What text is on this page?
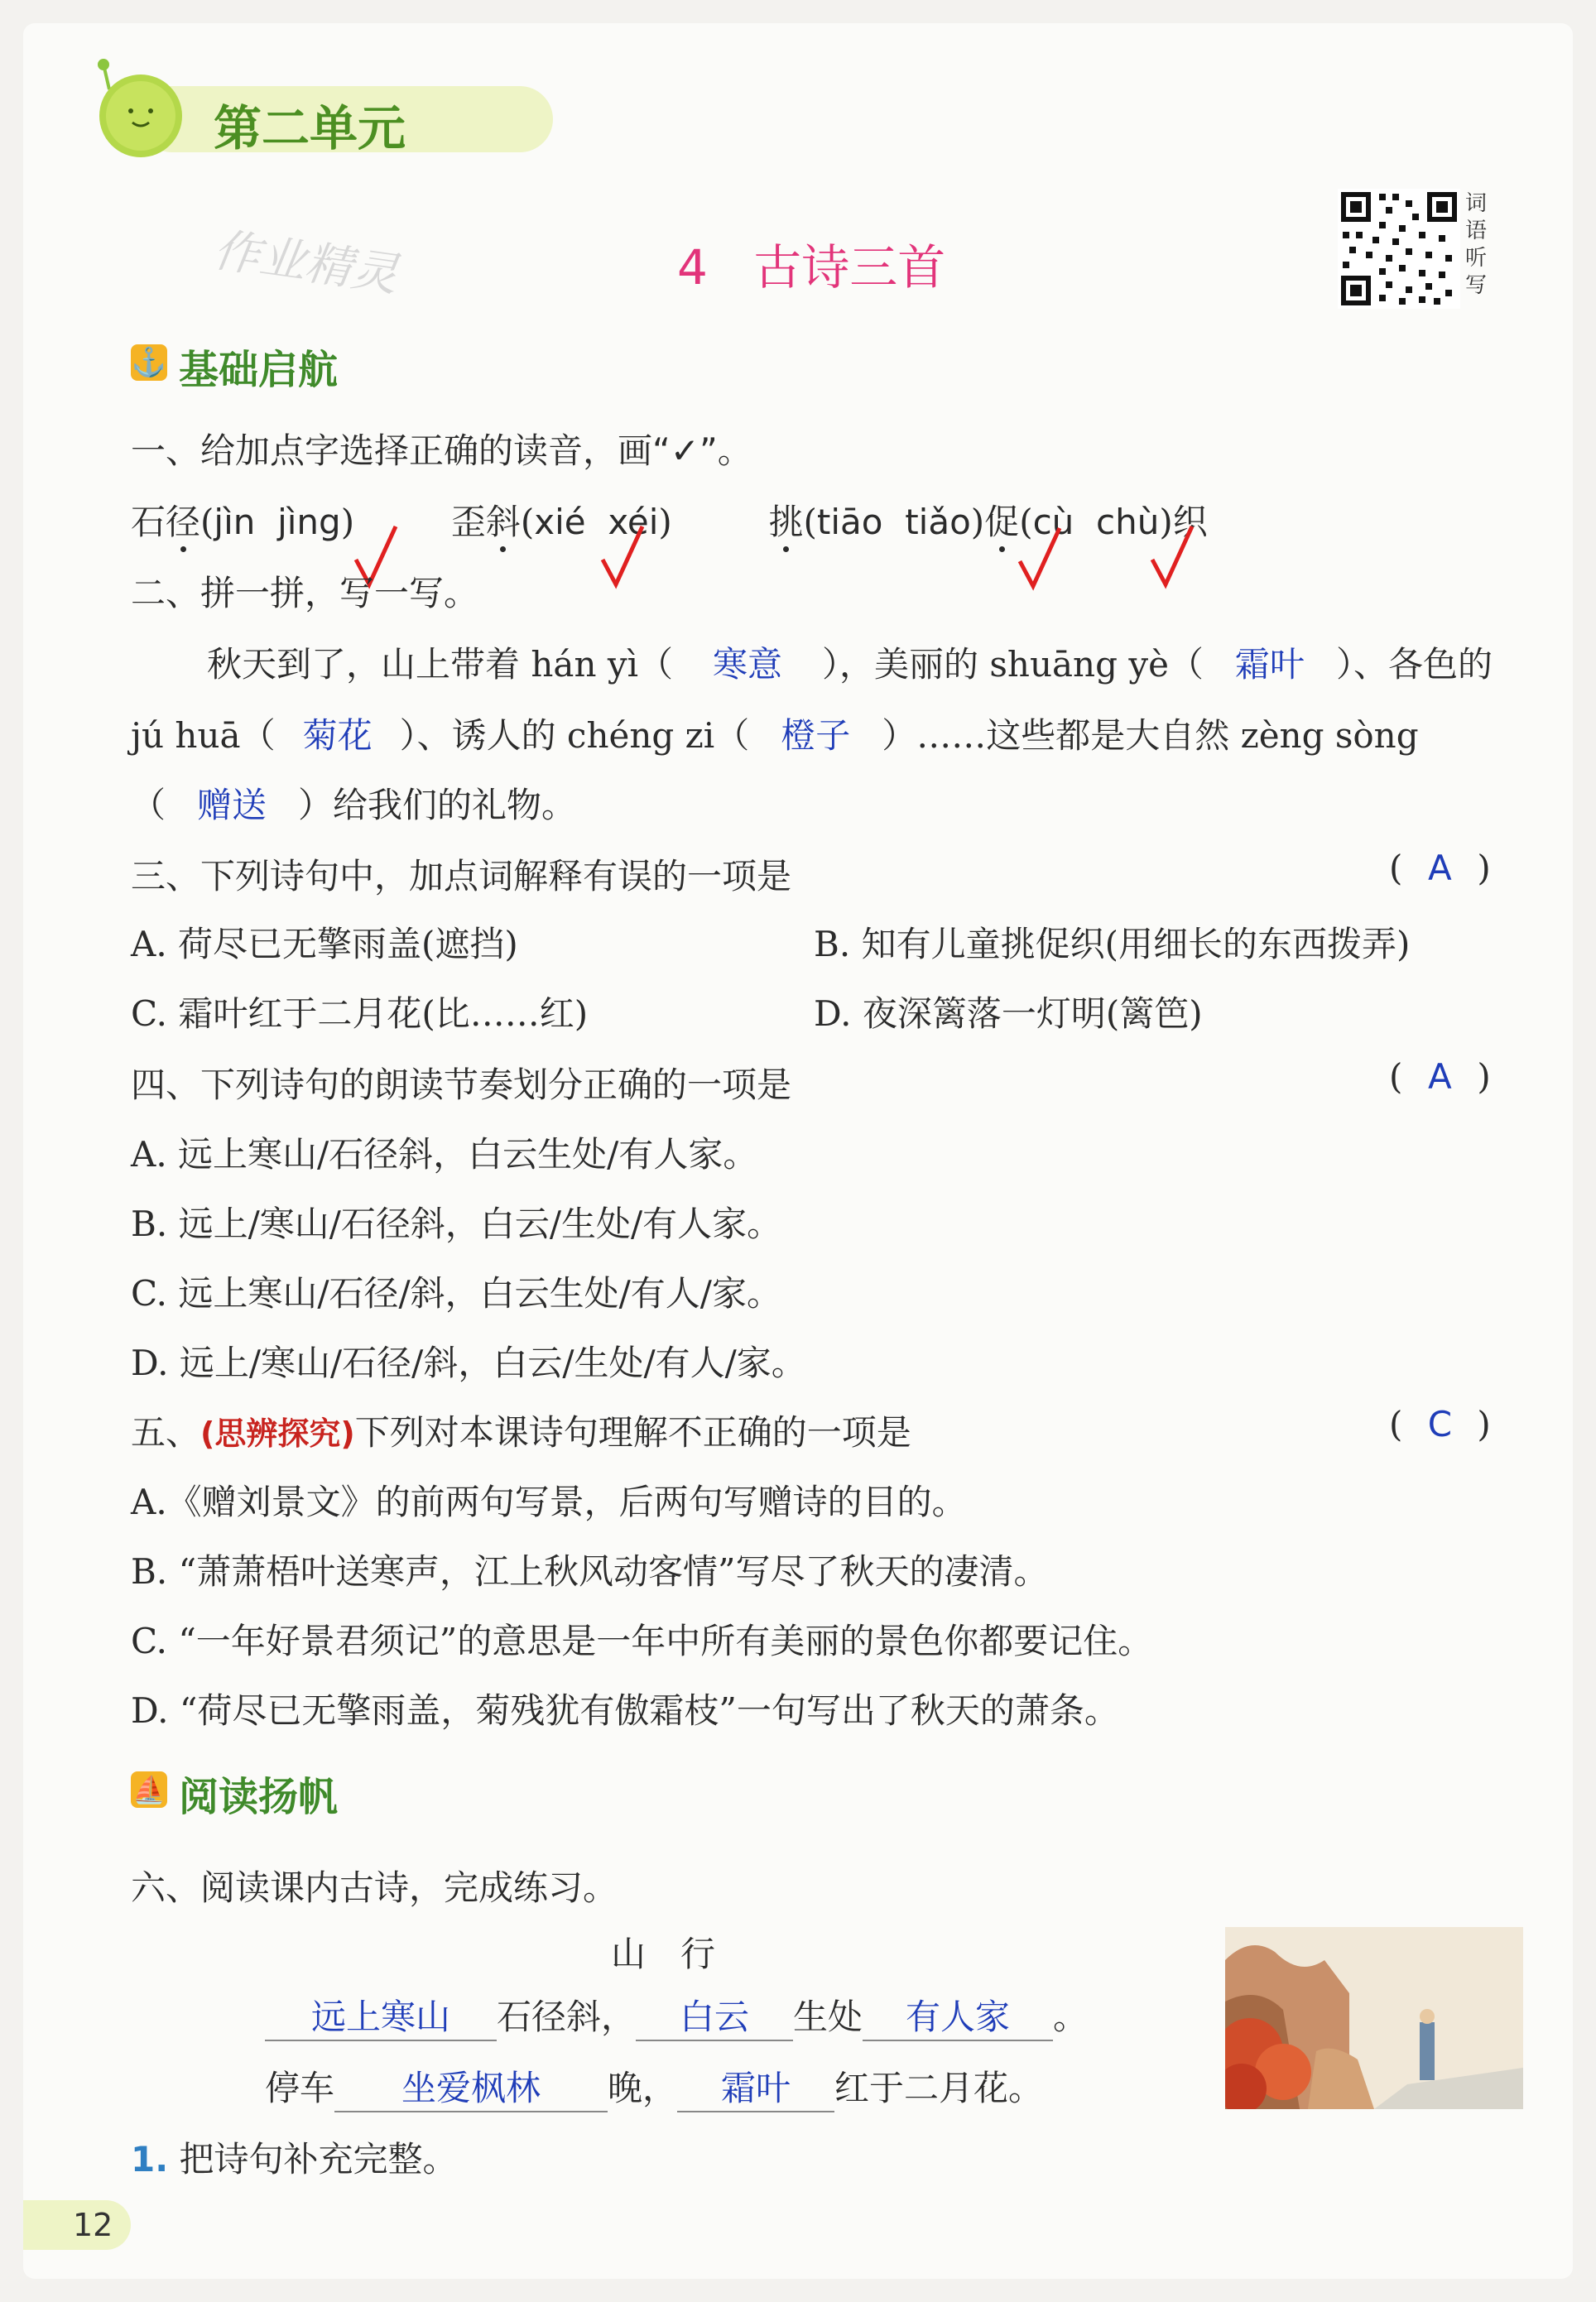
第二单元
作业精灵	4 古诗三首
词
语
听
写
⚓ 基础启航
一、给加点字选择正确的读音，画“✓”。
石径(jìn jìng)	歪斜(xié xéi)	挑(tiāo tiǎo)促(cù chù)织
二、拼一拼，写一写。
秋天到了，山上带着 hán yì（ 寒意 ），美丽的 shuāng yè（ 霜叶 ）、各色的
jú huā（ 菊花 ）、诱人的 chéng zi（ 橙子 ）……这些都是大自然 zèng sòng
（ 赠送 ）给我们的礼物。
三、下列诗句中，加点词解释有误的一项是	( A )
A. 荷尽已无擎雨盖(遮挡)	B. 知有儿童挑促织(用细长的东西拨弄)
C. 霜叶红于二月花(比……红)	D. 夜深篱落一灯明(篱笆)
四、下列诗句的朗读节奏划分正确的一项是	( A )
A. 远上寒山/石径斜，白云生处/有人家。
B. 远上/寒山/石径斜，白云/生处/有人家。
C. 远上寒山/石径/斜，白云生处/有人/家。
D. 远上/寒山/石径/斜，白云/生处/有人/家。
五、(思辨探究)下列对本课诗句理解不正确的一项是	( C )
A.《赠刘景文》的前两句写景，后两句写赠诗的目的。
B. “萧萧梧叶送寒声，江上秋风动客情”写尽了秋天的凄清。
C. “一年好景君须记”的意思是一年中所有美丽的景色你都要记住。
D. “荷尽已无擎雨盖，菊残犹有傲霜枝”一句写出了秋天的萧条。
⛵ 阅读扬帆
六、阅读课内古诗，完成练习。
山　行
远上寒山 石径斜， 白云 生处 有人家 。
停车 坐爱枫林 晚， 霜叶 红于二月花。
1. 把诗句补充完整。
12
